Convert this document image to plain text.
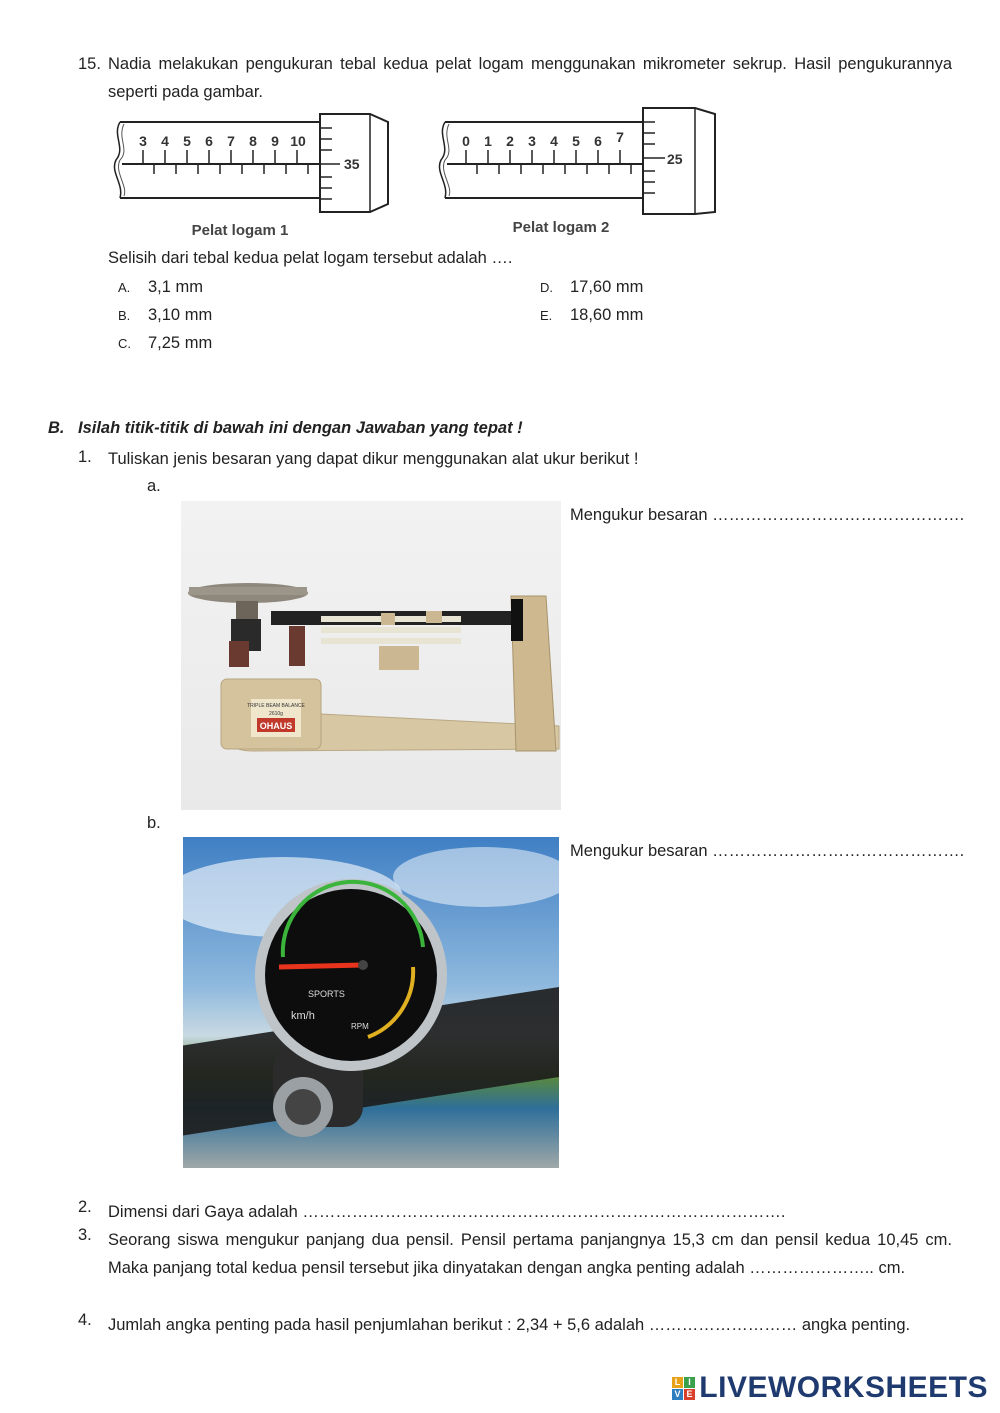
15. Nadia melakukan pengukuran tebal kedua pelat logam menggunakan mikrometer sekrup. Hasil pengukurannya seperti pada gambar.
3 4 5 6 7 8 9 10
35
Pelat logam 1
0 1 2 3 4 5 6 7
25
Pelat logam 2
Selisih dari tebal kedua pelat logam tersebut adalah ….
A. 3,1 mm
B. 3,10 mm
C. 7,25 mm
D. 17,60 mm
E. 18,60 mm
B. Isilah titik-titik di bawah ini dengan Jawaban yang tepat !
1. Tuliskan jenis besaran yang dapat dikur menggunakan alat ukur berikut !
a.
TRIPLE BEAM BALANCE
2610g
OHAUS
Mengukur besaran ……………………………………….
b.
SPORTS
km/h
RPM
Mengukur besaran ……………………………………….
2. Dimensi dari Gaya adalah …………………………………………………………………………….
3. Seorang siswa mengukur panjang dua pensil. Pensil pertama panjangnya 15,3 cm dan pensil kedua 10,45 cm. Maka panjang total kedua pensil tersebut jika dinyatakan dengan angka penting adalah ………………….. cm.
4. Jumlah angka penting pada hasil penjumlahan berikut : 2,34 + 5,6 adalah ……………………… angka penting.
L I
V E LIVEWORKSHEETS
